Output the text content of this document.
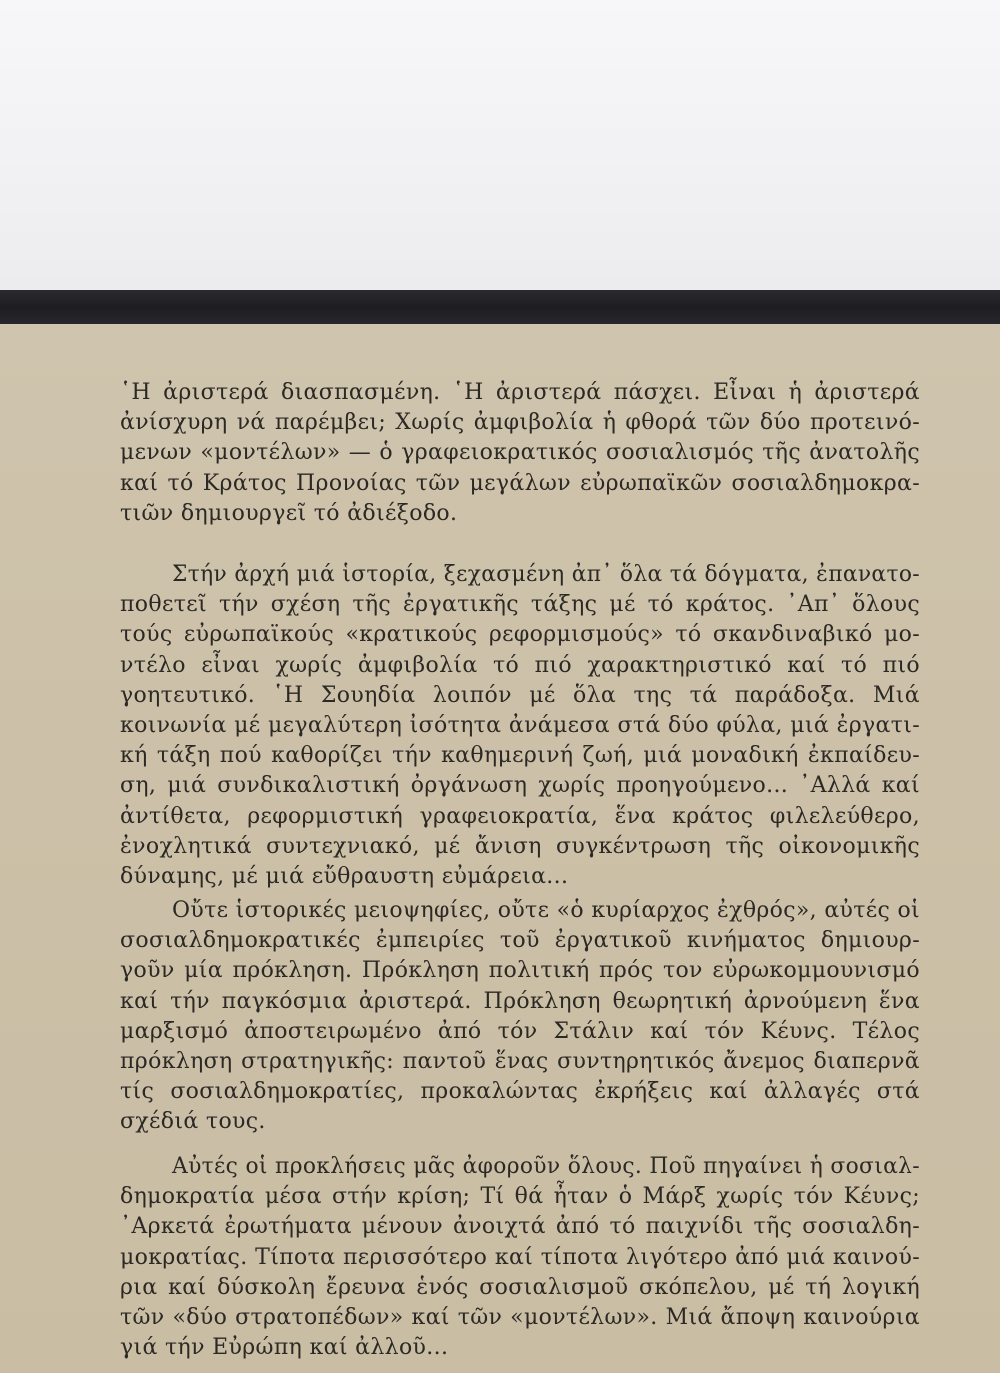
῾Η ἀριστερά διασπασμένη. ῾Η ἀριστερά πάσχει. Εἶναι ἡ ἀριστερά

ἀνίσχυρη νά παρέμβει; Χωρίς ἀμφιβολία ἡ φθορά τῶν δύο προτεινό-

μενων «μοντέλων» — ὁ γραφειοκρατικός σοσιαλισμός τῆς ἀνατολῆς

καί τό Κράτος Προνοίας τῶν μεγάλων εὐρωπαϊκῶν σοσιαλδημοκρα-

τιῶν δημιουργεῖ τό ἀδιέξοδο.

Στήν ἀρχή μιά ἱστορία, ξεχασμένη ἀπ᾿ ὅλα τά δόγματα, ἐπανατο-

ποθετεῖ τήν σχέση τῆς ἐργατικῆς τάξης μέ τό κράτος. ᾿Απ᾿ ὅλους

τούς εὐρωπαϊκούς «κρατικούς ρεφορμισμούς» τό σκανδιναβικό μο-

ντέλο εἶναι χωρίς ἀμφιβολία τό πιό χαρακτηριστικό καί τό πιό

γοητευτικό. ῾Η Σουηδία λοιπόν μέ ὅλα της τά παράδοξα. Μιά

κοινωνία μέ μεγαλύτερη ἰσότητα ἀνάμεσα στά δύο φύλα, μιά ἐργατι-

κή τάξη πού καθορίζει τήν καθημερινή ζωή, μιά μοναδική ἐκπαίδευ-

ση, μιά συνδικαλιστική ὀργάνωση χωρίς προηγούμενο... ᾿Αλλά καί

ἀντίθετα, ρεφορμιστική γραφειοκρατία, ἕνα κράτος φιλελεύθερο,

ἐνοχλητικά συντεχνιακό, μέ ἄνιση συγκέντρωση τῆς οἰκονομικῆς

δύναμης, μέ μιά εὔθραυστη εὐμάρεια...

Οὔτε ἱστορικές μειοψηφίες, οὔτε «ὁ κυρίαρχος ἐχθρός», αὐτές οἱ

σοσιαλδημοκρατικές ἐμπειρίες τοῦ ἐργατικοῦ κινήματος δημιουρ-

γοῦν μία πρόκληση. Πρόκληση πολιτική πρός τον εὐρωκομμουνισμό

καί τήν παγκόσμια ἀριστερά. Πρόκληση θεωρητική ἀρνούμενη ἕνα

μαρξισμό ἀποστειρωμένο ἀπό τόν Στάλιν καί τόν Κέυνς. Τέλος

πρόκληση στρατηγικῆς: παντοῦ ἕνας συντηρητικός ἄνεμος διαπερνᾶ

τίς σοσιαλδημοκρατίες, προκαλώντας ἐκρήξεις καί ἀλλαγές στά

σχέδιά τους.

Αὐτές οἱ προκλήσεις μᾶς ἀφοροῦν ὅλους. Ποῦ πηγαίνει ἡ σοσιαλ-

δημοκρατία μέσα στήν κρίση; Τί θά ἦταν ὁ Μάρξ χωρίς τόν Κέυνς;

᾿Αρκετά ἐρωτήματα μένουν ἀνοιχτά ἀπό τό παιχνίδι τῆς σοσιαλδη-

μοκρατίας. Τίποτα περισσότερο καί τίποτα λιγότερο ἀπό μιά καινού-

ρια καί δύσκολη ἔρευνα ἑνός σοσιαλισμοῦ σκόπελου, μέ τή λογική

τῶν «δύο στρατοπέδων» καί τῶν «μοντέλων». Μιά ἄποψη καινούρια

γιά τήν Εὐρώπη καί ἀλλοῦ...
